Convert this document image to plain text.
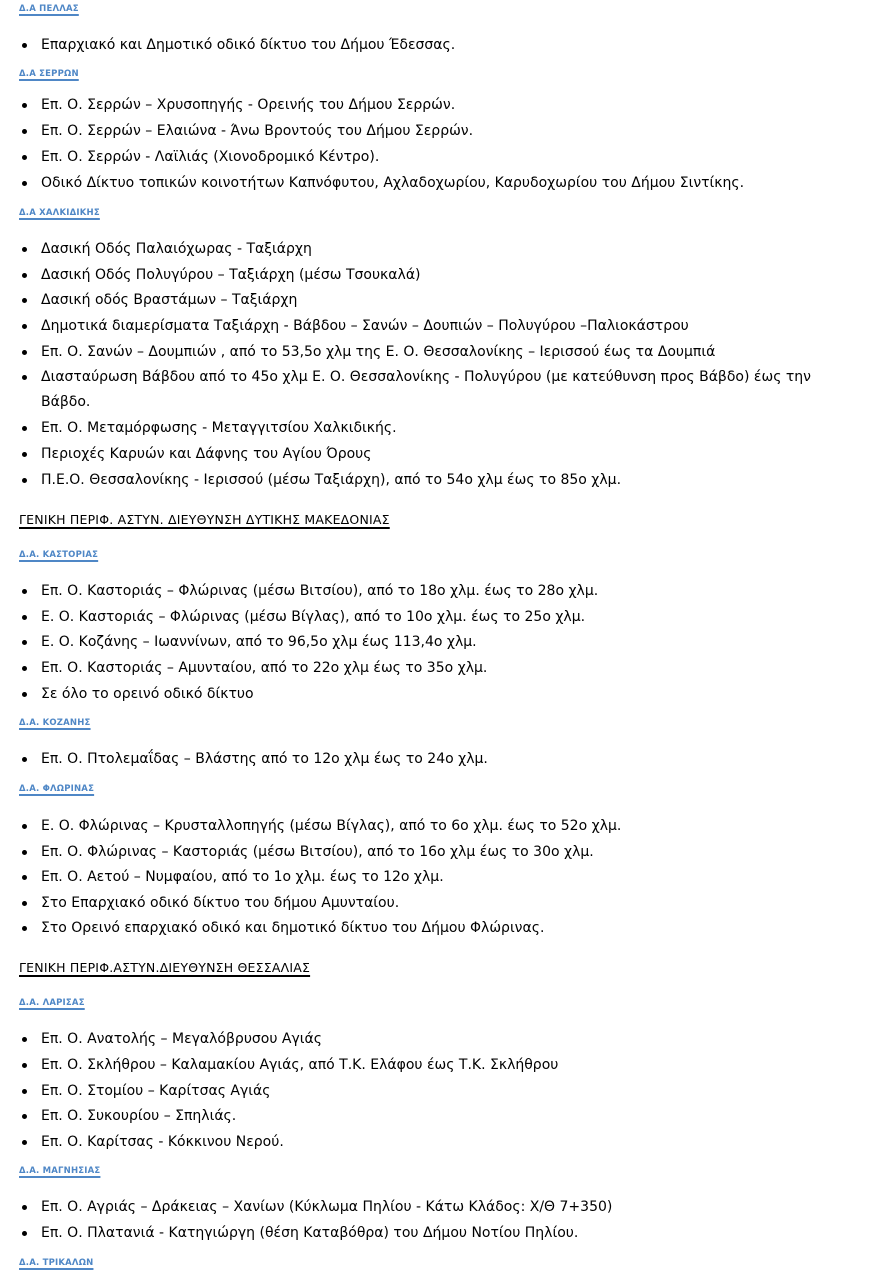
Δ.Α ΠΕΛΛΑΣ
Επαρχιακό και Δημοτικό οδικό δίκτυο του Δήμου Έδεσσας.
Δ.Α ΣΕΡΡΩΝ
Επ. Ο. Σερρών – Χρυσοπηγής - Ορεινής του Δήμου Σερρών.
Επ. Ο. Σερρών – Ελαιώνα - Άνω Βροντούς του Δήμου Σερρών.
Επ. Ο. Σερρών - Λαϊλιάς (Χιονοδρομικό Κέντρο).
Οδικό Δίκτυο τοπικών κοινοτήτων Καπνόφυτου, Αχλαδοχωρίου, Καρυδοχωρίου του Δήμου Σιντίκης.
Δ.Α ΧΑΛΚΙΔΙΚΗΣ
Δασική Οδός Παλαιόχωρας - Ταξιάρχη
Δασική Οδός Πολυγύρου – Ταξιάρχη (μέσω Τσουκαλά)
Δασική οδός Βραστάμων – Ταξιάρχη
Δημοτικά διαμερίσματα Ταξιάρχη - Βάβδου – Σανών – Δουπιών – Πολυγύρου –Παλιοκάστρου
Επ. Ο. Σανών – Δουμπιών , από το 53,5ο χλμ της Ε. Ο. Θεσσαλονίκης – Ιερισσού έως τα Δουμπιά
Διασταύρωση Βάβδου από το 45ο χλμ Ε. Ο. Θεσσαλονίκης - Πολυγύρου (με κατεύθυνση προς Βάβδο) έως την
Βάβδο.
Επ. Ο. Μεταμόρφωσης - Μεταγγιτσίου Χαλκιδικής.
Περιοχές Καρυών και Δάφνης του Αγίου Όρους
Π.Ε.Ο. Θεσσαλονίκης - Ιερισσού (μέσω Ταξιάρχη), από το 54ο χλμ έως το 85ο χλμ.
ΓΕΝΙΚΗ ΠΕΡΙΦ. ΑΣΤΥΝ. ΔΙΕΥΘΥΝΣΗ ΔΥΤΙΚΗΣ ΜΑΚΕΔΟΝΙΑΣ
Δ.Α. ΚΑΣΤΟΡΙΑΣ
Επ. Ο. Καστοριάς – Φλώρινας (μέσω Βιτσίου), από το 18ο χλμ. έως το 28ο χλμ.
Ε. Ο. Καστοριάς – Φλώρινας (μέσω Βίγλας), από το 10ο χλμ. έως το 25ο χλμ.
Ε. Ο. Κοζάνης – Ιωαννίνων, από το 96,5ο χλμ έως 113,4ο χλμ.
Επ. Ο. Καστοριάς – Αμυνταίου, από το 22ο χλμ έως το 35ο χλμ.
Σε όλο το ορεινό οδικό δίκτυο
Δ.Α. ΚΟΖΑΝΗΣ
Επ. Ο. Πτολεμαΐδας – Βλάστης από το 12ο χλμ έως το 24ο χλμ.
Δ.Α. ΦΛΩΡΙΝΑΣ
Ε. Ο. Φλώρινας – Κρυσταλλοπηγής (μέσω Βίγλας), από το 6ο χλμ. έως το 52ο χλμ.
Επ. Ο. Φλώρινας – Καστοριάς (μέσω Βιτσίου), από το 16ο χλμ έως το 30ο χλμ.
Επ. Ο. Αετού – Νυμφαίου, από το 1ο χλμ. έως το 12ο χλμ.
Στο Επαρχιακό οδικό δίκτυο του δήμου Αμυνταίου.
Στο Ορεινό επαρχιακό οδικό και δημοτικό δίκτυο του Δήμου Φλώρινας.
ΓΕΝΙΚΗ ΠΕΡΙΦ.ΑΣΤΥΝ.ΔΙΕΥΘΥΝΣΗ ΘΕΣΣΑΛΙΑΣ
Δ.Α. ΛΑΡΙΣΑΣ
Επ. Ο. Ανατολής – Μεγαλόβρυσου Αγιάς
Επ. Ο. Σκλήθρου – Καλαμακίου Αγιάς, από Τ.Κ. Ελάφου έως Τ.Κ. Σκλήθρου
Επ. Ο. Στομίου – Καρίτσας Αγιάς
Επ. Ο. Συκουρίου – Σπηλιάς.
Επ. Ο. Καρίτσας - Κόκκινου Νερού.
Δ.Α. ΜΑΓΝΗΣΙΑΣ
Επ. Ο. Αγριάς – Δράκειας – Χανίων (Κύκλωμα Πηλίου - Κάτω Κλάδος: Χ/Θ 7+350)
Επ. Ο. Πλατανιά - Κατηγιώργη (θέση Καταβόθρα) του Δήμου Νοτίου Πηλίου.
Δ.Α. ΤΡΙΚΑΛΩΝ
